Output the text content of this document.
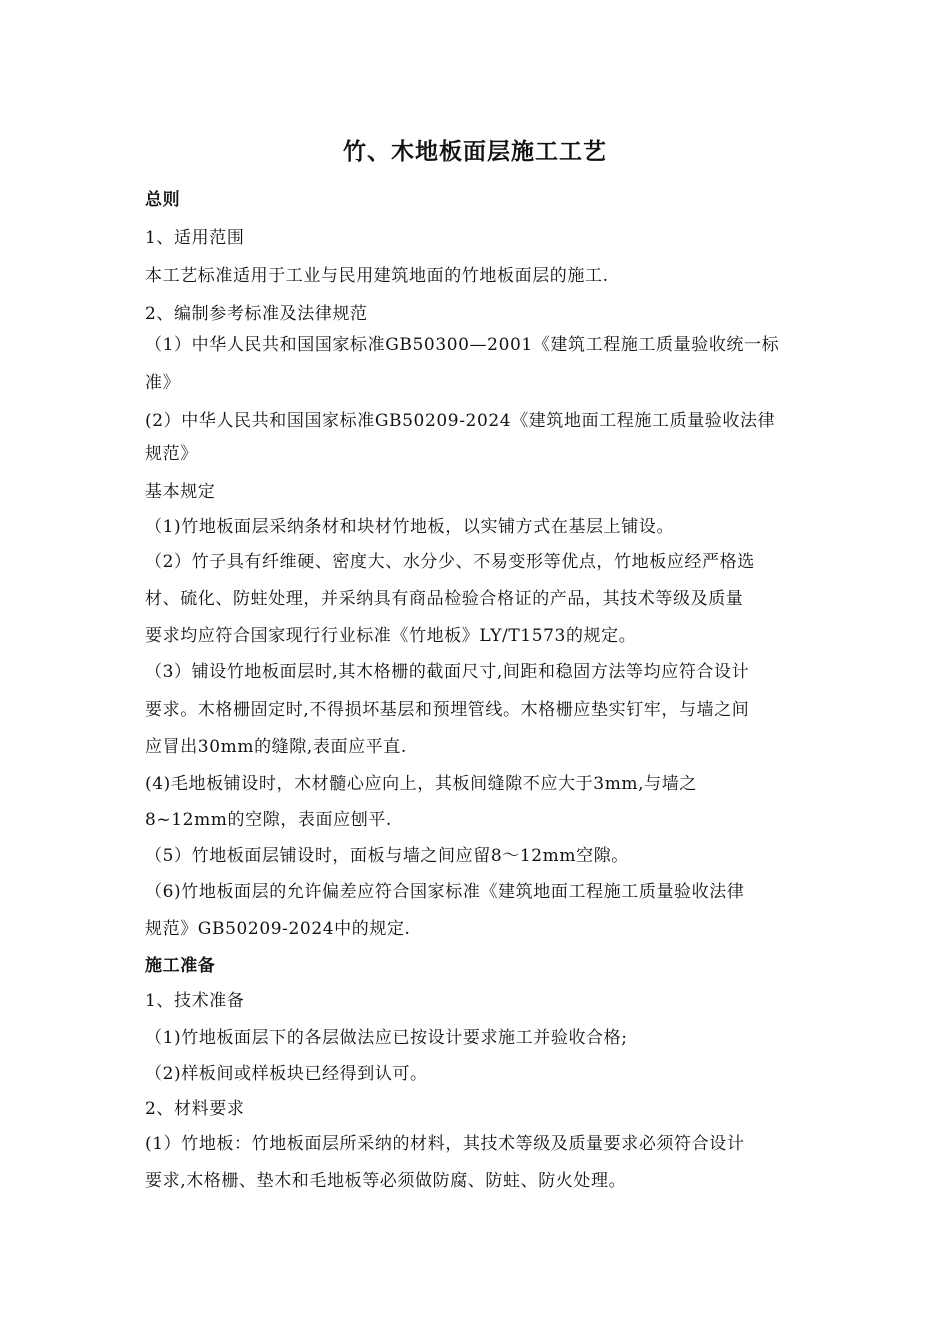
竹、木地板面层施工工艺
总则
1、适用范围
本工艺标准适用于工业与民用建筑地面的竹地板面层的施工.
2、编制参考标准及法律规范
（1）中华人民共和国国家标准GB50300—2001《建筑工程施工质量验收统一标
准》
(2）中华人民共和国国家标准GB50209-2024《建筑地面工程施工质量验收法律
规范》
基本规定
（1)竹地板面层采纳条材和块材竹地板，以实铺方式在基层上铺设。
（2）竹子具有纤维硬、密度大、水分少、不易变形等优点，竹地板应经严格选
材、硫化、防蛀处理，并采纳具有商品检验合格证的产品，其技术等级及质量
要求均应符合国家现行行业标准《竹地板》LY/T1573的规定。
（3）铺设竹地板面层时,其木格栅的截面尺寸,间距和稳固方法等均应符合设计
要求。木格栅固定时,不得损坏基层和预埋管线。木格栅应垫实钉牢，与墙之间
应冒出30mm的缝隙,表面应平直.
(4)毛地板铺设时，木材髓心应向上，其板间缝隙不应大于3mm,与墙之
8~12mm的空隙，表面应刨平.
（5）竹地板面层铺设时，面板与墙之间应留8～12mm空隙。
（6)竹地板面层的允许偏差应符合国家标准《建筑地面工程施工质量验收法律
规范》GB50209-2024中的规定.
施工准备
1、技术准备
（1)竹地板面层下的各层做法应已按设计要求施工并验收合格;
（2)样板间或样板块已经得到认可。
2、材料要求
(1）竹地板：竹地板面层所采纳的材料，其技术等级及质量要求必须符合设计
要求,木格栅、垫木和毛地板等必须做防腐、防蛀、防火处理。
